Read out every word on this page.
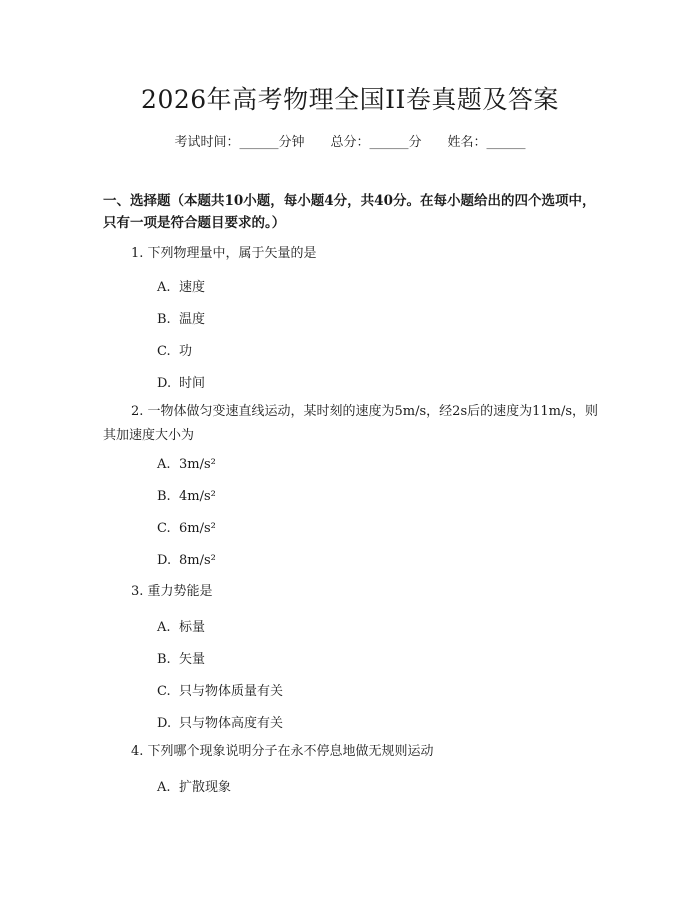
2026年高考物理全国II卷真题及答案
考试时间：______分钟 总分：______分 姓名：______
一、选择题（本题共10小题，每小题4分，共40分。在每小题给出的四个选项中，只有一项是符合题目要求的。）
1. 下列物理量中，属于矢量的是
A. 速度
B. 温度
C. 功
D. 时间
2. 一物体做匀变速直线运动，某时刻的速度为5m/s，经2s后的速度为11m/s，则其加速度大小为
A. 3m/s²
B. 4m/s²
C. 6m/s²
D. 8m/s²
3. 重力势能是
A. 标量
B. 矢量
C. 只与物体质量有关
D. 只与物体高度有关
4. 下列哪个现象说明分子在永不停息地做无规则运动
A. 扩散现象
